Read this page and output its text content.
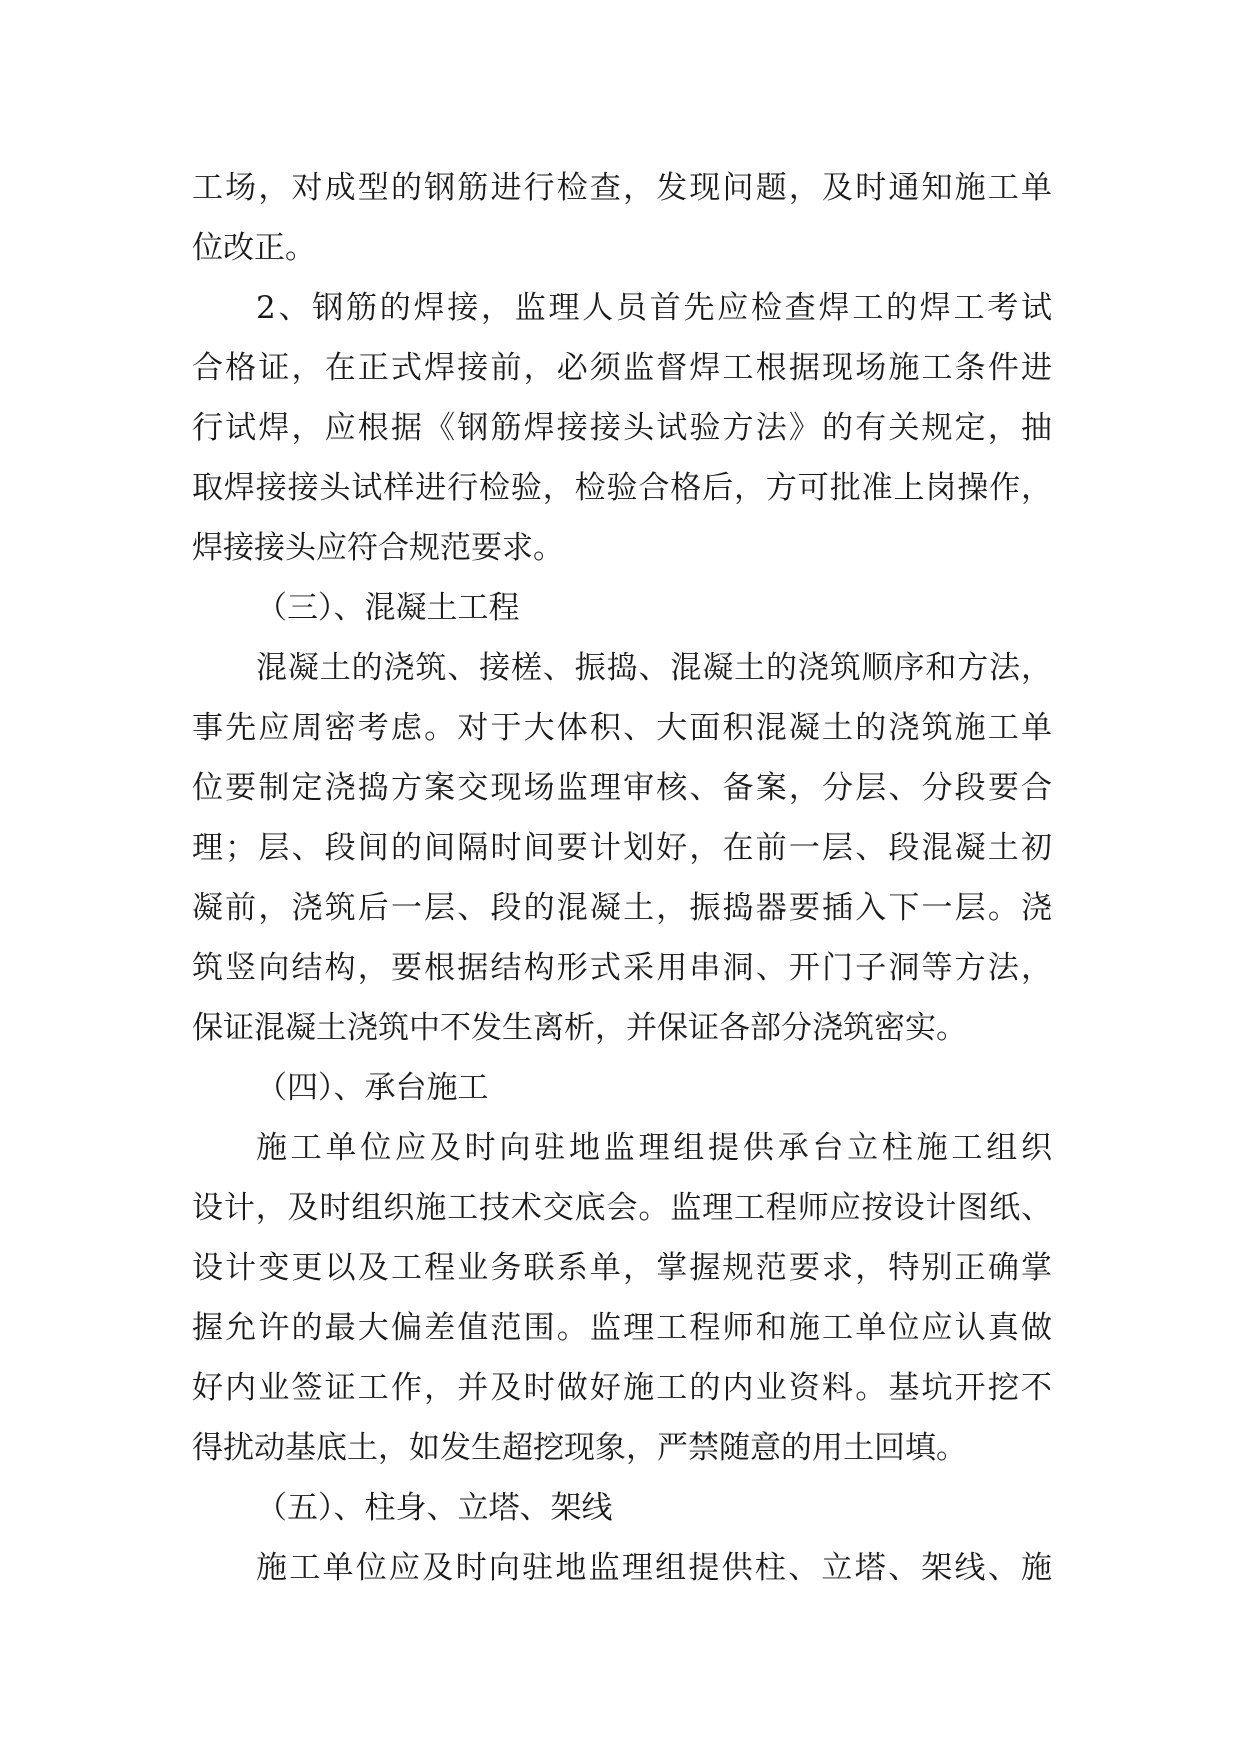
工场，对成型的钢筋进行检查，发现问题，及时通知施工单
位改正。
2、钢筋的焊接，监理人员首先应检查焊工的焊工考试
合格证，在正式焊接前，必须监督焊工根据现场施工条件进
行试焊，应根据《钢筋焊接接头试验方法》的有关规定，抽
取焊接接头试样进行检验，检验合格后，方可批准上岗操作，
焊接接头应符合规范要求。
（三）、混凝土工程
混凝土的浇筑、接槎、振捣、混凝土的浇筑顺序和方法，
事先应周密考虑。对于大体积、大面积混凝土的浇筑施工单
位要制定浇捣方案交现场监理审核、备案，分层、分段要合
理；层、段间的间隔时间要计划好，在前一层、段混凝土初
凝前，浇筑后一层、段的混凝土，振捣器要插入下一层。浇
筑竖向结构，要根据结构形式采用串洞、开门子洞等方法，
保证混凝土浇筑中不发生离析，并保证各部分浇筑密实。
（四）、承台施工
施工单位应及时向驻地监理组提供承台立柱施工组织
设计，及时组织施工技术交底会。监理工程师应按设计图纸、
设计变更以及工程业务联系单，掌握规范要求，特别正确掌
握允许的最大偏差值范围。监理工程师和施工单位应认真做
好内业签证工作，并及时做好施工的内业资料。基坑开挖不
得扰动基底土，如发生超挖现象，严禁随意的用土回填。
（五）、柱身、立塔、架线
施工单位应及时向驻地监理组提供柱、立塔、架线、施
